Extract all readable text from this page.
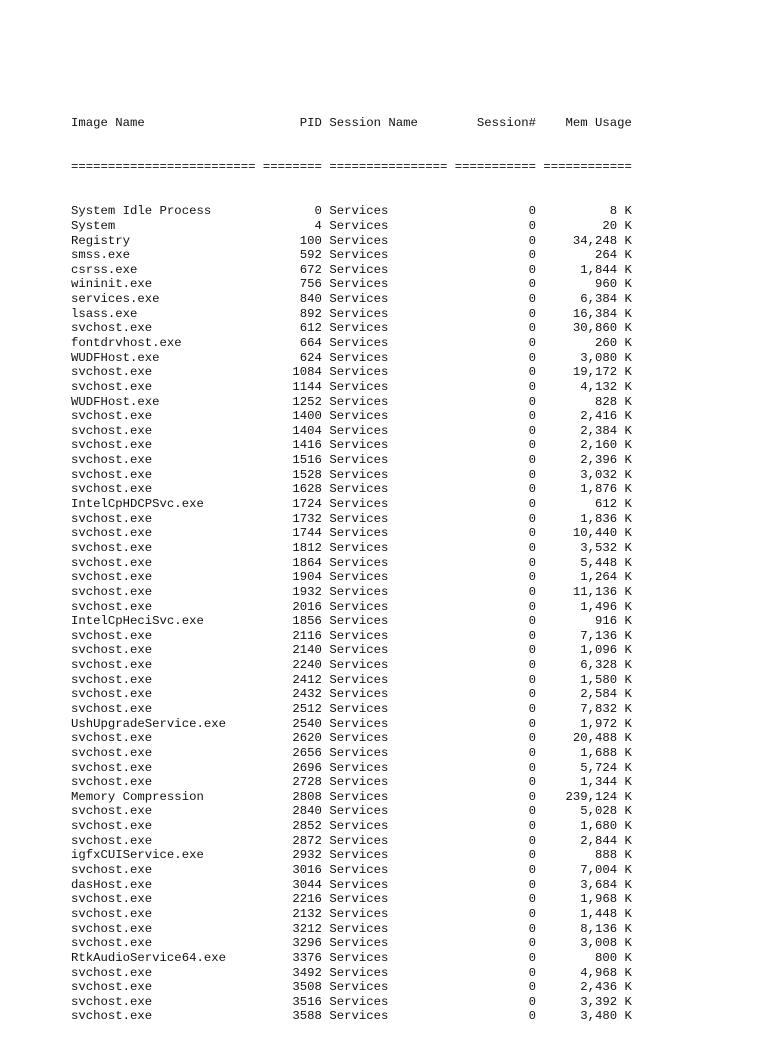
Image Name                     PID Session Name        Session#    Mem Usage

========================= ======== ================ =========== ============

System Idle Process              0 Services                   0          8 K
System                           4 Services                   0         20 K
Registry                       100 Services                   0     34,248 K
smss.exe                       592 Services                   0        264 K
csrss.exe                      672 Services                   0      1,844 K
wininit.exe                    756 Services                   0        960 K
services.exe                   840 Services                   0      6,384 K
lsass.exe                      892 Services                   0     16,384 K
svchost.exe                    612 Services                   0     30,860 K
fontdrvhost.exe                664 Services                   0        260 K
WUDFHost.exe                   624 Services                   0      3,080 K
svchost.exe                   1084 Services                   0     19,172 K
svchost.exe                   1144 Services                   0      4,132 K
WUDFHost.exe                  1252 Services                   0        828 K
svchost.exe                   1400 Services                   0      2,416 K
svchost.exe                   1404 Services                   0      2,384 K
svchost.exe                   1416 Services                   0      2,160 K
svchost.exe                   1516 Services                   0      2,396 K
svchost.exe                   1528 Services                   0      3,032 K
svchost.exe                   1628 Services                   0      1,876 K
IntelCpHDCPSvc.exe            1724 Services                   0        612 K
svchost.exe                   1732 Services                   0      1,836 K
svchost.exe                   1744 Services                   0     10,440 K
svchost.exe                   1812 Services                   0      3,532 K
svchost.exe                   1864 Services                   0      5,448 K
svchost.exe                   1904 Services                   0      1,264 K
svchost.exe                   1932 Services                   0     11,136 K
svchost.exe                   2016 Services                   0      1,496 K
IntelCpHeciSvc.exe            1856 Services                   0        916 K
svchost.exe                   2116 Services                   0      7,136 K
svchost.exe                   2140 Services                   0      1,096 K
svchost.exe                   2240 Services                   0      6,328 K
svchost.exe                   2412 Services                   0      1,580 K
svchost.exe                   2432 Services                   0      2,584 K
svchost.exe                   2512 Services                   0      7,832 K
UshUpgradeService.exe         2540 Services                   0      1,972 K
svchost.exe                   2620 Services                   0     20,488 K
svchost.exe                   2656 Services                   0      1,688 K
svchost.exe                   2696 Services                   0      5,724 K
svchost.exe                   2728 Services                   0      1,344 K
Memory Compression            2808 Services                   0    239,124 K
svchost.exe                   2840 Services                   0      5,028 K
svchost.exe                   2852 Services                   0      1,680 K
svchost.exe                   2872 Services                   0      2,844 K
igfxCUIService.exe            2932 Services                   0        888 K
svchost.exe                   3016 Services                   0      7,004 K
dasHost.exe                   3044 Services                   0      3,684 K
svchost.exe                   2216 Services                   0      1,968 K
svchost.exe                   2132 Services                   0      1,448 K
svchost.exe                   3212 Services                   0      8,136 K
svchost.exe                   3296 Services                   0      3,008 K
RtkAudioService64.exe         3376 Services                   0        800 K
svchost.exe                   3492 Services                   0      4,968 K
svchost.exe                   3508 Services                   0      2,436 K
svchost.exe                   3516 Services                   0      3,392 K
svchost.exe                   3588 Services                   0      3,480 K
